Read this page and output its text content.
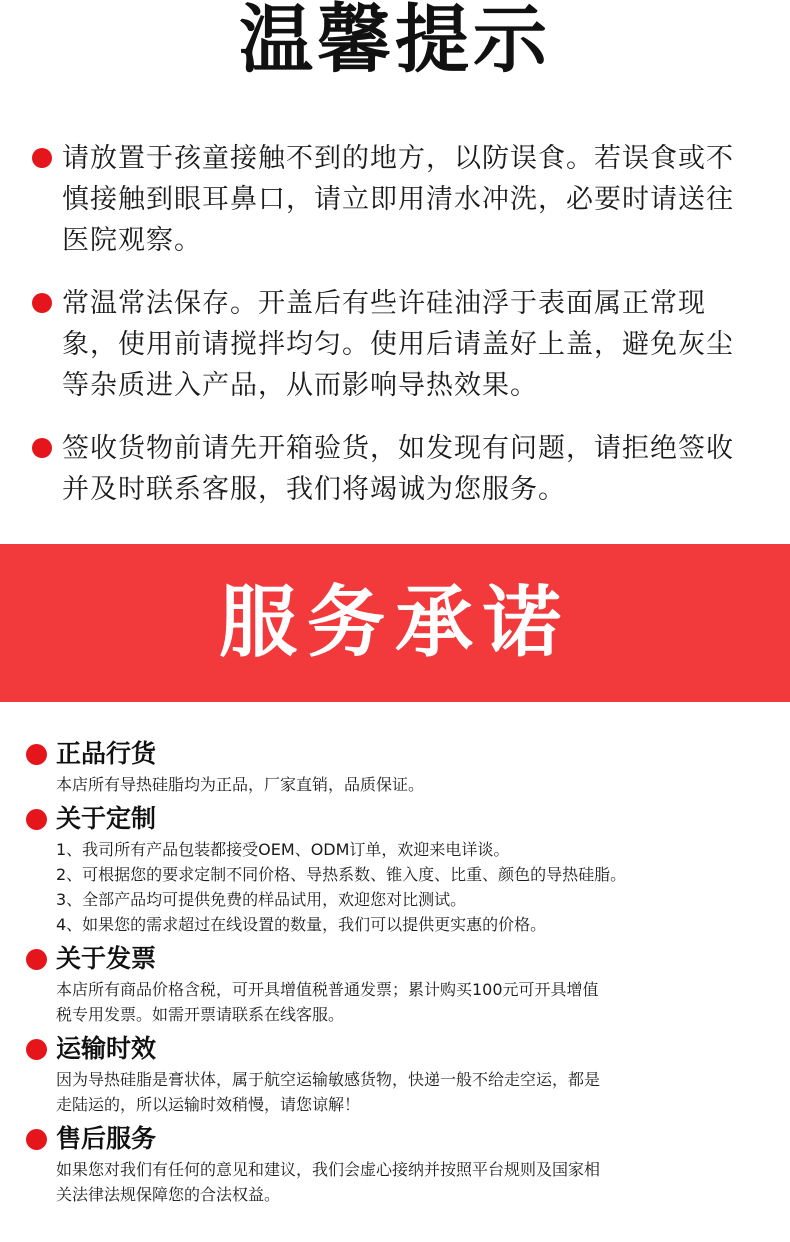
温馨提示
请放置于孩童接触不到的地方，以防误食。若误食或不慎接触到眼耳鼻口，请立即用清水冲洗，必要时请送往医院观察。
常温常法保存。开盖后有些许硅油浮于表面属正常现象，使用前请搅拌均匀。使用后请盖好上盖，避免灰尘等杂质进入产品，从而影响导热效果。
签收货物前请先开箱验货，如发现有问题，请拒绝签收并及时联系客服，我们将竭诚为您服务。
服务承诺
正品行货
本店所有导热硅脂均为正品，厂家直销，品质保证。
关于定制
1、我司所有产品包装都接受OEM、ODM订单，欢迎来电详谈。
2、可根据您的要求定制不同价格、导热系数、锥入度、比重、颜色的导热硅脂。
3、全部产品均可提供免费的样品试用，欢迎您对比测试。
4、如果您的需求超过在线设置的数量，我们可以提供更实惠的价格。
关于发票
本店所有商品价格含税，可开具增值税普通发票；累计购买100元可开具增值
税专用发票。如需开票请联系在线客服。
运输时效
因为导热硅脂是膏状体，属于航空运输敏感货物，快递一般不给走空运，都是
走陆运的，所以运输时效稍慢，请您谅解！
售后服务
如果您对我们有任何的意见和建议，我们会虚心接纳并按照平台规则及国家相
关法律法规保障您的合法权益。
